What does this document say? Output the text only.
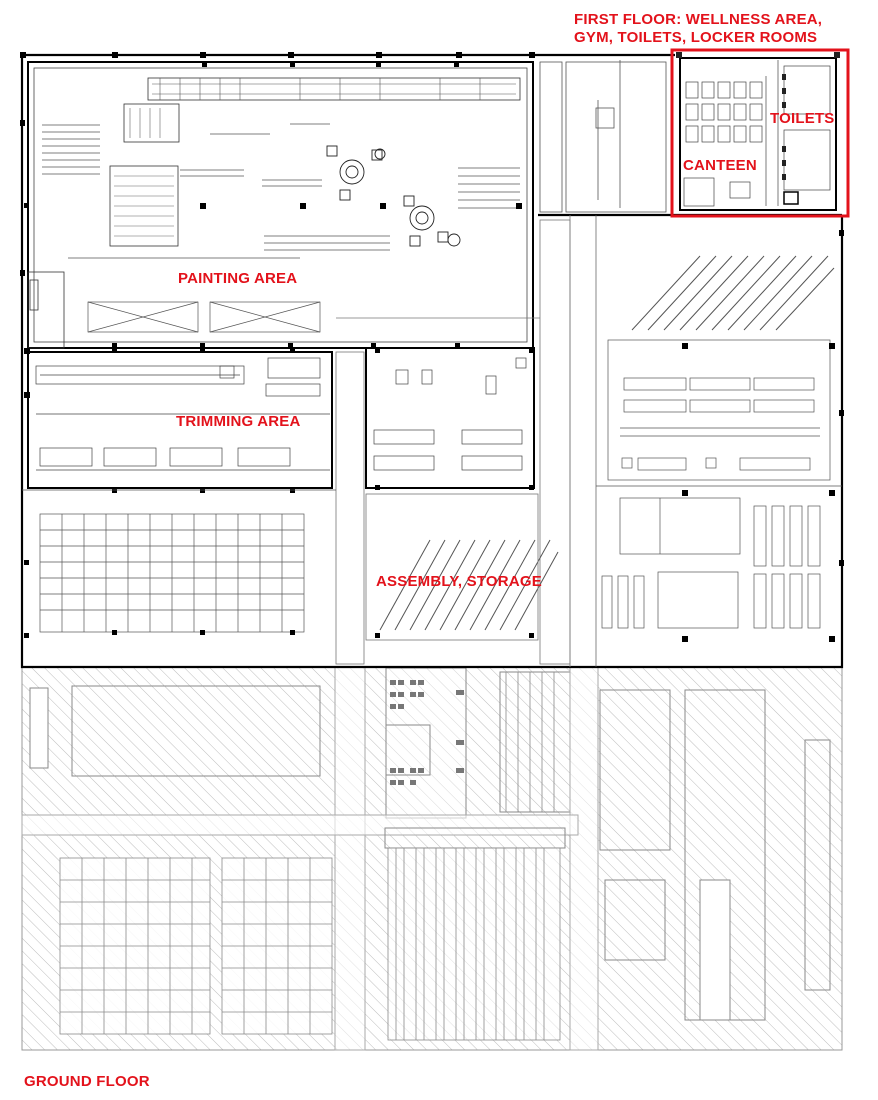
FIRST FLOOR: WELLNESS AREA,
GYM, TOILETS, LOCKER ROOMS
TOILETS
CANTEEN
PAINTING AREA
TRIMMING AREA
ASSEMBLY, STORAGE
GROUND FLOOR
